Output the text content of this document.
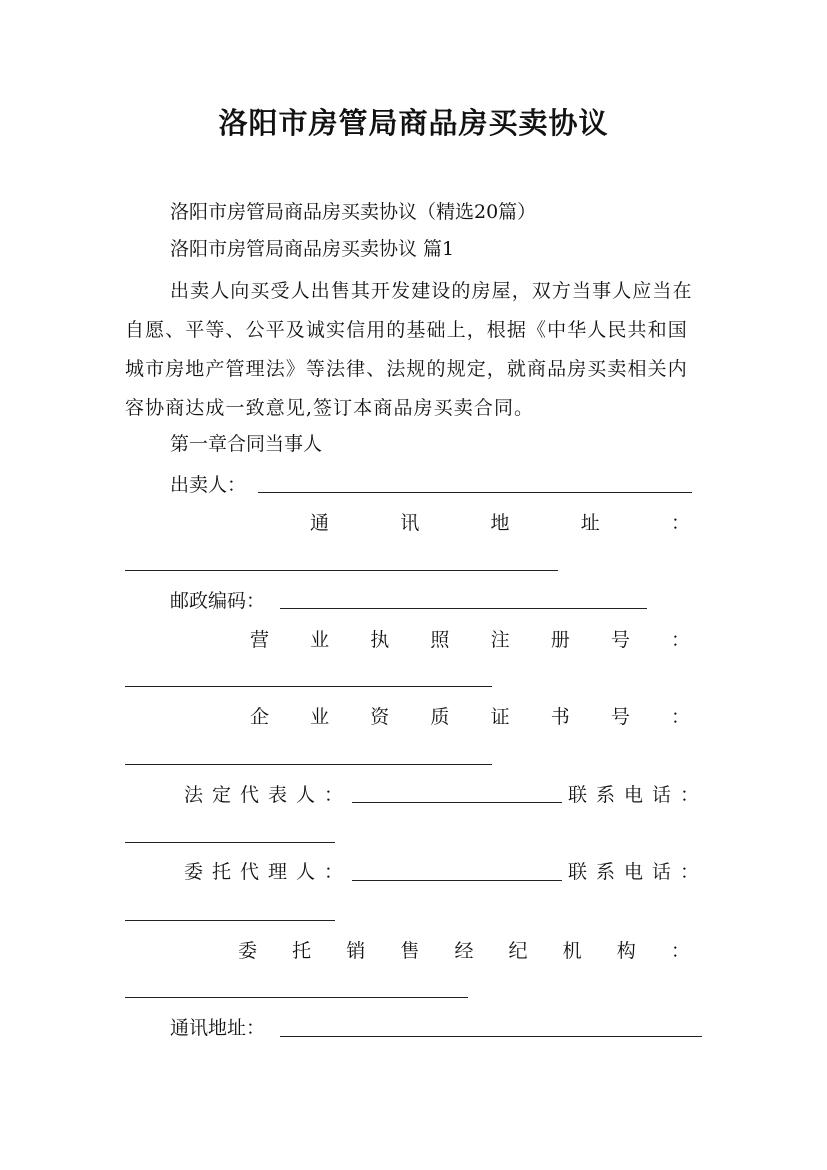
洛阳市房管局商品房买卖协议
洛阳市房管局商品房买卖协议（精选20篇）
洛阳市房管局商品房买卖协议 篇1

出卖人向买受人出售其开发建设的房屋，双方当事人应当在自愿、平等、公平及诚实信用的基础上，根据《中华人民共和国城市房地产管理法》等法律、法规的规定，就商品房买卖相关内容协商达成一致意见,签订本商品房买卖合同。

第一章合同当事人
出卖人：
通	讯	地	址	：
邮政编码：
营 业 执 照 注 册 号 ：
企 业 资 质 证 书 号 ：
法定代表人：	联系电话：
委托代理人：	联系电话：
委 托 销 售 经 纪 机 构 ：
通讯地址：
